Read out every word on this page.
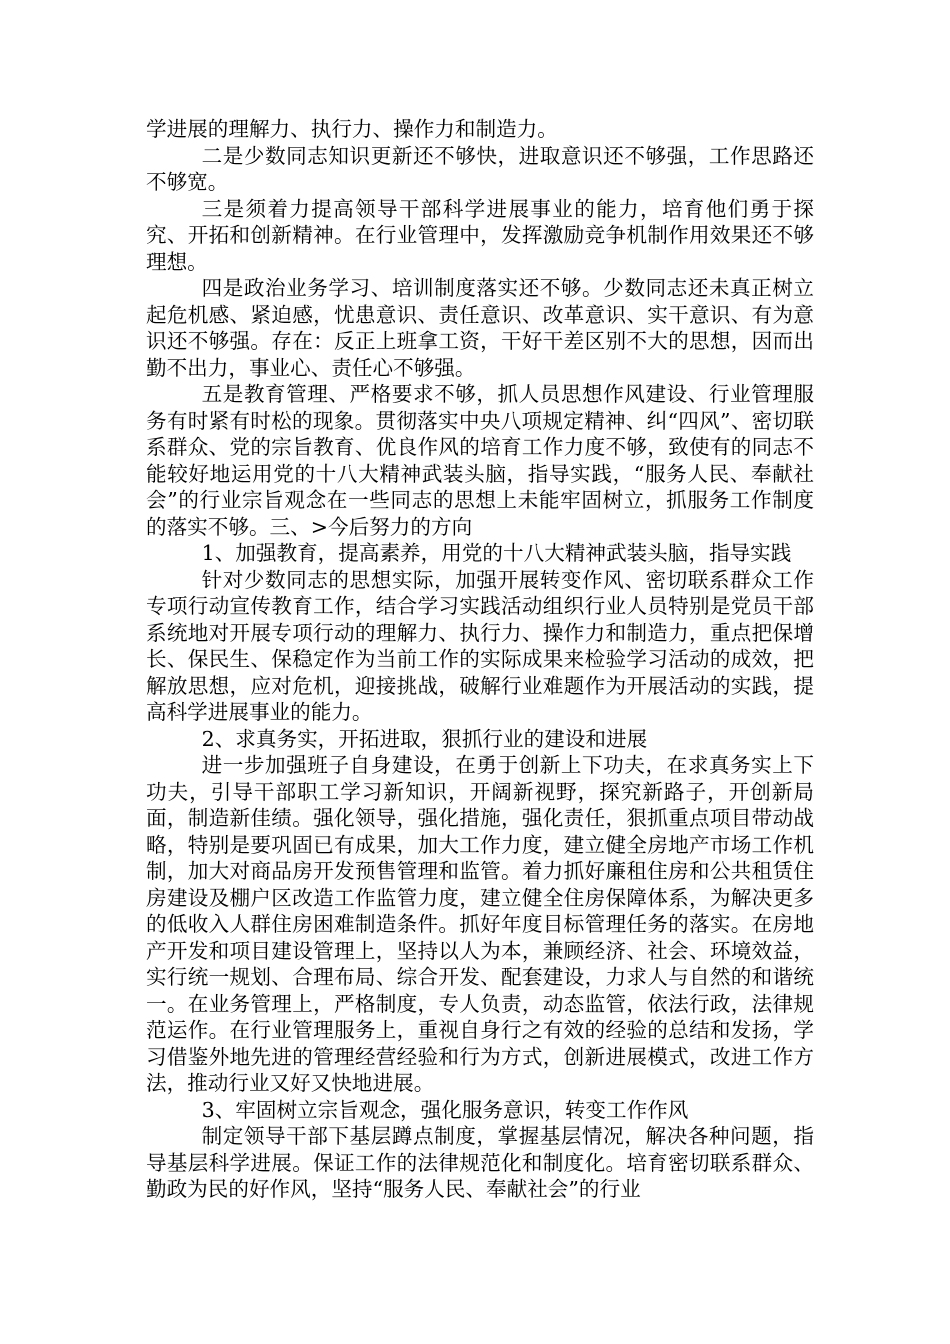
学进展的理解力、执行力、操作力和制造力。

二是少数同志知识更新还不够快，进取意识还不够强，工作思路还不够宽。

三是须着力提高领导干部科学进展事业的能力，培育他们勇于探究、开拓和创新精神。在行业管理中，发挥激励竞争机制作用效果还不够理想。

四是政治业务学习、培训制度落实还不够。少数同志还未真正树立起危机感、紧迫感，忧患意识、责任意识、改革意识、实干意识、有为意识还不够强。存在：反正上班拿工资，干好干差区别不大的思想，因而出勤不出力，事业心、责任心不够强。

五是教育管理、严格要求不够，抓人员思想作风建设、行业管理服务有时紧有时松的现象。贯彻落实中央八项规定精神、纠“四风”、密切联系群众、党的宗旨教育、优良作风的培育工作力度不够，致使有的同志不能较好地运用党的十八大精神武装头脑，指导实践，“服务人民、奉献社会”的行业宗旨观念在一些同志的思想上未能牢固树立，抓服务工作制度的落实不够。三、>今后努力的方向

1、加强教育，提高素养，用党的十八大精神武装头脑，指导实践

针对少数同志的思想实际，加强开展转变作风、密切联系群众工作专项行动宣传教育工作，结合学习实践活动组织行业人员特别是党员干部系统地对开展专项行动的理解力、执行力、操作力和制造力，重点把保增长、保民生、保稳定作为当前工作的实际成果来检验学习活动的成效，把解放思想，应对危机，迎接挑战，破解行业难题作为开展活动的实践，提高科学进展事业的能力。

2、求真务实，开拓进取，狠抓行业的建设和进展

进一步加强班子自身建设，在勇于创新上下功夫，在求真务实上下功夫，引导干部职工学习新知识，开阔新视野，探究新路子，开创新局面，制造新佳绩。强化领导，强化措施，强化责任，狠抓重点项目带动战略，特别是要巩固已有成果，加大工作力度，建立健全房地产市场工作机制，加大对商品房开发预售管理和监管。着力抓好廉租住房和公共租赁住房建设及棚户区改造工作监管力度，建立健全住房保障体系，为解决更多的低收入人群住房困难制造条件。抓好年度目标管理任务的落实。在房地产开发和项目建设管理上，坚持以人为本，兼顾经济、社会、环境效益，实行统一规划、合理布局、综合开发、配套建设，力求人与自然的和谐统一。在业务管理上，严格制度，专人负责，动态监管，依法行政，法律规范运作。在行业管理服务上，重视自身行之有效的经验的总结和发扬，学习借鉴外地先进的管理经营经验和行为方式，创新进展模式，改进工作方法，推动行业又好又快地进展。

3、牢固树立宗旨观念，强化服务意识，转变工作作风

制定领导干部下基层蹲点制度，掌握基层情况，解决各种问题，指导基层科学进展。保证工作的法律规范化和制度化。培育密切联系群众、勤政为民的好作风，坚持“服务人民、奉献社会”的行业
